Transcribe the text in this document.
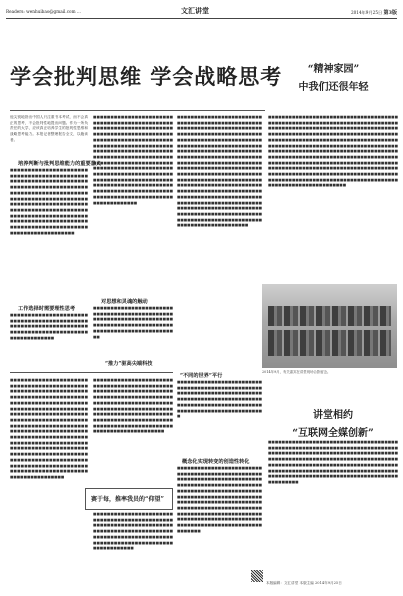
Readers: wenhuibao@gmail.com ...	文汇讲堂	2014年9月25日 第3版
学会批判思维 学会战略思考	“精神家园”
中我们还很年轻
他尖锐地指出中国人只注重书本考试，而不会真正的思考，不会批判性地提出问题。作为一所负责任的大学，应该真正培养学生的批判性思维和战略思考能力。本报记者整理报告全文，以飨读者。
培养判断与批判思维能力的重要意义
■■■■■■■■■■■■■■■■■■■■■■■■■■■■■■■■■■■■■■■■■■■■■■■■■■■■■■■■■■■■■■■■■■■■■■■■■■■■■■■■■■■■■■■■■■■■■■■■■■■■■■■■■■■■■■■■■■■■■■■■■■■■■■■■■■■■■■■■■■■■■■■■■■■■■■■■■■■■■■■■■■■■■■■■■■■■■■■■■■■■■■■■■■■■■■■■■■■■■■■■■■■■■■■■■■■■■■■■■■■■■■■■■■■■■■■■■■■■■■■■■■■■■■■■■■■■■■■■■■■■■
工作选择时需要理性思考
■■■■■■■■■■■■■■■■■■■■■■■■■■■■■■■■■■■■■■■■■■■■■■■■■■■■■■■■■■■■■■■■■■■■■■■■■■■■■■■■■■■■■■■■■■■■■■■■■■■■■
■■■■■■■■■■■■■■■■■■■■■■■■■■■■■■■■■■■■■■■■■■■■■■■■■■■■■■■■■■■■■■■■■■■■■■■■■■■■■■■■■■■■■■■■■■■■■■■■■■■■■■■■■■■■■■■■■■■■■■■■■■■■■■■■■■■■■■■■■■■■■■■■■■■■■■■■■■■■■■■■■■■■■■■■■■■■■■■■■■■■■■■■■■■■■■■■■■■■■■■■■■■■■■■■■■■■■■■■■■■■■■■■■■■■■■■■■■■■■■■■■■■■■■■■■■■■■■■■■■■■■■■■■■■■■■■■■■■■■■■■■■■■■■■■■■■■■■■■■■■■■■■■■■■■■■■■■■■■■■■■■■■■■■■■■■■■■■■■■■■■■■■■■■■■■■■■■■■■■■
对思想和灵魂的触动
■■■■■■■■■■■■■■■■■■■■■■■■■■■■■■■■■■■■■■■■■■■■■■■■■■■■■■■■■■■■■■■■■■■■■■■■■■■■■■■■■■■■■■■■■■■■■■■■■■■■■■■■■■■■■■■■■■■■■
“推力”驱高尖端科技
■■■■■■■■■■■■■■■■■■■■■■■■■■■■■■■■■■■■■■■■■■■■■■■■■■■■■■■■■■■■■■■■■■■■■■■■■■■■■■■■■■■■■■■■■■■■■■■■■■■■■■■■■■■■■■■■■■■■■■■■■■■■■■■■■■■■■■■■■■■■■■■■■■■■■■■■■■■■■■■■■■■■■■■■■■■■■■■■■■■■■■■■■■■■■■■■■■■■■■■■■■■■■■■■■■■■■■■■■■■■■■■■■■■■■■■■■■■■■■■■■■■■■■■■■■■■■■■■■■■■■■■■■■■■■■■■■■■■■■■■■■■■■■■■■■■■■■■■■■■■■■■■■■■■■■■■■■■■■■■■■■■■■■■■■■■■■■■■■■■■■■■■■■■■■■■■■■■■■■■■■■■■■■■■■■■■■■■■■■■■■■■■■■■■■■■■■■■■■■■■■■■■■■■■■■■■■■■■■■■■■■■■■■■■■■■■■■■■■■■■■■■■■■■■■■■■■■■■■■■■■■■■■■■■■■■■■■■■■■■■■■■■■■■■■■■■■■■■
■■■■■■■■■■■■■■■■■■■■■■■■■■■■■■■■■■■■■■■■■■■■■■■■■■■■■■■■■■■■■■■■■■■■■■■■■■■■■■■■■■■■■■■■■■■■■■■■■■■■■■■■■■■■■■■■■■■■■■■■■■■■■■■■■■■■■■■■■■■■■■■■■■■■■■■■■■■■■■■■■■■■■■■■■■■■■■■■■■■■■■■■■■■■■■■■■■■■■■■■■■■■■■■■■■■■■■■■■■■■■■■■■■■■■■■■■■■■■■■■■■■■■■■■■■■■■■■■■■■■■■■■■■■■■■■■■■■■■■■■■■■■■■■■■■■■■■■■■■■■■■■■■■■■■■■■■■■■■■■■■■■■■■■■■■■■■■■■■■■■■■■■■■■■■■■■■■■■■■■■■■■■■■■■■■■■■■■■■■■■■■■■■■■■■■■■■■■■■■■■■■■■■■■■■■■■■■■■■■■■■■■■■■■■■■■■■■■■■■■■■■■■■■■■■■■■■■■■■■■■■■■■■■■■■■■■■■■■■■■
2014年9月，有关嘉宾在讲堂现场合影留念。
“不同的世界”平行
■■■■■■■■■■■■■■■■■■■■■■■■■■■■■■■■■■■■■■■■■■■■■■■■■■■■■■■■■■■■■■■■■■■■■■■■■■■■■■■■■■■■■■■■■■■■■■■■■■■■■■■■■■■■■■■■■■■■■■■■■■■■■■■■■■■■■■■■■■■■■■■■■■■■■■■	讲堂相约
“互联网全媒创新”
■■■■■■■■■■■■■■■■■■■■■■■■■■■■■■■■■■■■■■■■■■■■■■■■■■■■■■■■■■■■■■■■■■■■■■■■■■■■■■■■■■■■■■■■■■■■■■■■■■■■■■■■■■■■■■■■■■■■■■■■■■■■■■■■■■■■■■■■■■■■■■■■■■■■■■■■■■■■■■■■■■■■■■■■■■■■■■■■■■■■■■■■■■■■■■■■■■■■■■■■■■■■■■■■■■■■■■■■■■■■■■■■■■■■■■■■■■■■■■■■■■■■■■■■■■■■■■■■■■■■■■■■■■■■■■■■■■■
■■■■■■■■■■■■■■■■■■■■■■■■■■■■■■■■■■■■■■■■■■■■■■■■■■■■■■■■■■■■■■■■■■■■■■■■■■■■■■■■■■■■■■■■■■■■■■■■■■■■■■■■■■■■■■■■■■■■■■■■■■■■■■■■■■■■■■■■■■■■■■■■■■■■■■■■■■■■■■■■■■■■■■■■■■■■■■■■■■■■■■■■■■■■■■■■■■■■■■■■■■■■■■■■■■■■■■■■■■■■■■■■■■■■■■■■■■■■■■■■■■■■■■■■■■■■■■■■■■■■■■■■■■■■■■■■■■■■■■■■■■■■■■■■■■■■■■■■■■■■■■■■■■■■■■■■■■■■■■■■■■■■■■■■■■■■■■■■■■■■■■■■■■■■■■■■■■■■■■■■■■■■■■■■■■■■■■■■■■■■■■■■■■■■■■
■■■■■■■■■■■■■■■■■■■■■■■■■■■■■■■■■■■■■■■■■■■■■■■■■■■■■■■■■■■■■■■■■■■■■■■■■■■■■■■■■■■■■■■■■■■■■■■■■■■■■■■■■■■■■■■■■■■■■■■■■■■■■■■■■■■■■■■■■■■■■■■■■■■■■■■■■■■■■■■■■■■■■■■■■■■■■■■■■■■■■■■■■■■■■■■■■■■■■■■■■■■■■■■■■■■■■■■■■■■■■■■■■■■■
赛于每，推率我员的“仰望”
■■■■■■■■■■■■■■■■■■■■■■■■■■■■■■■■■■■■■■■■■■■■■■■■■■■■■■■■■■■■■■■■■■■■■■■■■■■■■■■■■■■■■■■■■■■■■■■■■■■■■■■■■■■■■■■■■■■■■■■■■■■■■■■■■■■■■■■■■■■■■■■■■■■■■■
概念化实现转变的创造性转化
■■■■■■■■■■■■■■■■■■■■■■■■■■■■■■■■■■■■■■■■■■■■■■■■■■■■■■■■■■■■■■■■■■■■■■■■■■■■■■■■■■■■■■■■■■■■■■■■■■■■■■■■■■■■■■■■■■■■■■■■■■■■■■■■■■■■■■■■■■■■■■■■■■■■■■■■■■■■■■■■■■■■■■■■■■■■■■■■■■■■■■■■■■■■■■■■■■■■■■■■■■■■■■■■■■■■■■■■■■■■■■■■■■■■■■■■■■■■■■■■■■■■■■■■■■■■■■■■■■■■■■■■■■■■■■■■■■■■■■■■■■
本版编辑：文汇讲堂 本版主编 2014年9月25日
